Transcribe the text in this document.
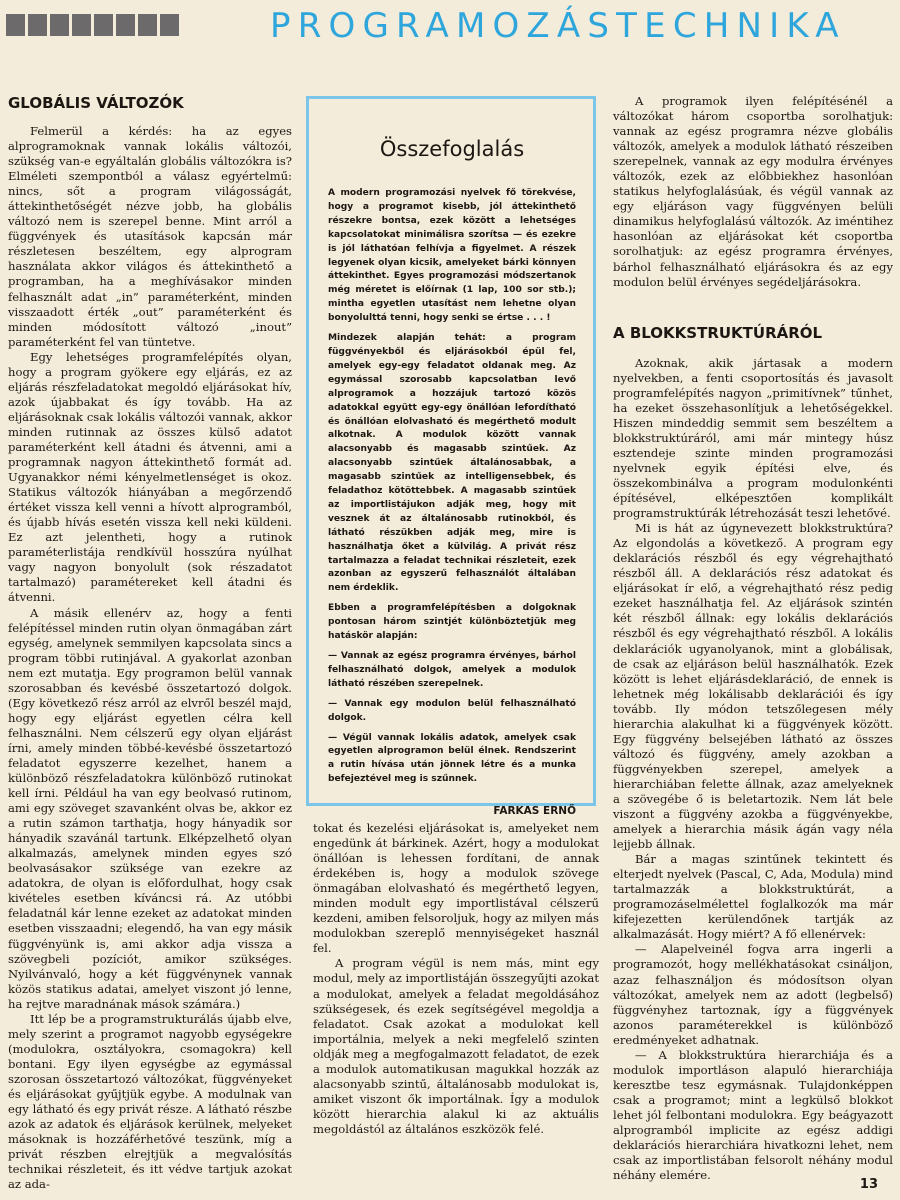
PROGRAMOZÁSTECHNIKA
GLOBÁLIS VÁLTOZÓK

Felmerül a kérdés: ha az egyes alprogramoknak vannak lokális változói, szükség van-e egyáltalán globális változókra is? Elméleti szempontból a válasz egyértelmű: nincs, sőt a program világosságát, áttekinthetőségét nézve jobb, ha globális változó nem is szerepel benne. Mint arról a függvények és utasítások kapcsán már részletesen beszéltem, egy alprogram használata akkor világos és áttekinthető a programban, ha a meghívásakor minden felhasznált adat „in” paraméterként, minden visszaadott érték „out” paraméterként és minden módosított változó „inout” paraméterként fel van tüntetve.

Egy lehetséges programfelépítés olyan, hogy a program gyökere egy eljárás, ez az eljárás részfeladatokat megoldó eljárásokat hív, azok újabbakat és így tovább. Ha az eljárásoknak csak lokális változói vannak, akkor minden rutinnak az összes külső adatot paraméterként kell átadni és átvenni, ami a programnak nagyon áttekinthető formát ad. Ugyanakkor némi kényelmetlenséget is okoz. Statikus változók hiányában a megőrzendő értéket vissza kell venni a hívott alprogramból, és újabb hívás esetén vissza kell neki küldeni. Ez azt jelentheti, hogy a rutinok paraméterlistája rendkívül hosszúra nyúlhat vagy nagyon bonyolult (sok részadatot tartalmazó) paramétereket kell átadni és átvenni.

A másik ellenérv az, hogy a fenti felépítéssel minden rutin olyan önmagában zárt egység, amelynek semmilyen kapcsolata sincs a program többi rutinjával. A gyakorlat azonban nem ezt mutatja. Egy programon belül vannak szorosabban és kevésbé összetartozó dolgok. (Egy következő rész arról az elvről beszél majd, hogy egy eljárást egyetlen célra kell felhasználni. Nem célszerű egy olyan eljárást írni, amely minden többé-kevésbé összetartozó feladatot egyszerre kezelhet, hanem a különböző részfeladatokra különböző rutinokat kell írni. Például ha van egy beolvasó rutinom, ami egy szöveget szavanként olvas be, akkor ez a rutin számon tarthatja, hogy hányadik sor hányadik szavánál tartunk. Elképzelhető olyan alkalmazás, amelynek minden egyes szó beolvasásakor szüksége van ezekre az adatokra, de olyan is előfordulhat, hogy csak kivételes esetben kíváncsi rá. Az utóbbi feladatnál kár lenne ezeket az adatokat minden esetben visszaadni; elegendő, ha van egy másik függvényünk is, ami akkor adja vissza a szövegbeli pozíciót, amikor szükséges. Nyilvánvaló, hogy a két függvénynek vannak közös statikus adatai, amelyet viszont jó lenne, ha rejtve maradnának mások számára.)

Itt lép be a programstrukturálás újabb elve, mely szerint a programot nagyobb egységekre (modulokra, osztályokra, csomagokra) kell bontani. Egy ilyen egységbe az egymással szorosan összetartozó változókat, függvényeket és eljárásokat gyűjtjük egybe. A modulnak van egy látható és egy privát része. A látható részbe azok az adatok és eljárások kerülnek, melyeket másoknak is hozzáférhetővé teszünk, míg a privát részben elrejtjük a megvalósítás technikai részleteit, és itt védve tartjuk azokat az ada-

Összefoglalás

A modern programozási nyelvek fő törekvése, hogy a programot kisebb, jól áttekinthető részekre bontsa, ezek között a lehetséges kapcsolatokat minimálisra szorítsa — és ezekre is jól láthatóan felhívja a figyelmet. A részek legyenek olyan kicsik, amelyeket bárki könnyen áttekinthet. Egyes programozási módszertanok még méretet is előírnak (1 lap, 100 sor stb.); mintha egyetlen utasítást nem lehetne olyan bonyolulttá tenni, hogy senki se értse . . . !

Mindezek alapján tehát: a program függvényekből és eljárásokból épül fel, amelyek egy-egy feladatot oldanak meg. Az egymással szorosabb kapcsolatban levő alprogramok a hozzájuk tartozó közös adatokkal együtt egy-egy önállóan lefordítható és önállóan elolvasható és megérthető modult alkotnak. A modulok között vannak alacsonyabb és magasabb szintűek. Az alacsonyabb szintűek általánosabbak, a magasabb szintűek az intelligensebbek, és feladathoz kötöttebbek. A magasabb szintűek az importlistájukon adják meg, hogy mit vesznek át az általánosabb rutinokból, és látható részükben adják meg, mire is használhatja őket a külvilág. A privát rész tartalmazza a feladat technikai részleteit, ezek azonban az egyszerű felhasználót általában nem érdeklik.

Ebben a programfelépítésben a dolgoknak pontosan három szintjét különböztetjük meg hatáskör alapján:

— Vannak az egész programra érvényes, bárhol felhasználható dolgok, amelyek a modulok látható részében szerepelnek.

— Vannak egy modulon belül felhasználható dolgok.

— Végül vannak lokális adatok, amelyek csak egyetlen alprogramon belül élnek. Rendszerint a rutin hívása után jönnek létre és a munka befejeztével meg is szűnnek.

FARKAS ERNŐ

tokat és kezelési eljárásokat is, amelyeket nem engedünk át bárkinek. Azért, hogy a modulokat önállóan is lehessen fordítani, de annak érdekében is, hogy a modulok szövege önmagában elolvasható és megérthető legyen, minden modult egy importlistával célszerű kezdeni, amiben felsoroljuk, hogy az milyen más modulokban szereplő mennyiségeket használ fel.

A program végül is nem más, mint egy modul, mely az importlistáján összegyűjti azokat a modulokat, amelyek a feladat megoldásához szükségesek, és ezek segítségével megoldja a feladatot. Csak azokat a modulokat kell importálnia, melyek a neki megfelelő szinten oldják meg a megfogalmazott feladatot, de ezek a modulok automatikusan magukkal hozzák az alacsonyabb szintű, általánosabb modulokat is, amiket viszont ők importálnak. Így a modulok között hierarchia alakul ki az aktuális megoldástól az általános eszközök felé.

A programok ilyen felépítésénél a változókat három csoportba sorolhatjuk: vannak az egész programra nézve globális változók, amelyek a modulok látható részeiben szerepelnek, vannak az egy modulra érvényes változók, ezek az előbbiekhez hasonlóan statikus helyfoglalásúak, és végül vannak az egy eljáráson vagy függvényen belüli dinamikus helyfoglalású változók. Az iméntihez hasonlóan az eljárásokat két csoportba sorolhatjuk: az egész programra érvényes, bárhol felhasználható eljárásokra és az egy modulon belül érvényes segédeljárásokra.

A BLOKKSTRUKTÚRÁRÓL

Azoknak, akik jártasak a modern nyelvekben, a fenti csoportosítás és javasolt programfelépítés nagyon „primitívnek” tűnhet, ha ezeket összehasonlítjuk a lehetőségekkel. Hiszen mindeddig semmit sem beszéltem a blokkstruktúráról, ami már mintegy húsz esztendeje szinte minden programozási nyelvnek egyik építési elve, és összekombinálva a program modulonkénti építésével, elképesztően komplikált programstruktúrák létrehozását teszi lehetővé.

Mi is hát az úgynevezett blokkstruktúra? Az elgondolás a következő. A program egy deklarációs részből és egy végrehajtható részből áll. A deklarációs rész adatokat és eljárásokat ír elő, a végrehajtható rész pedig ezeket használhatja fel. Az eljárások szintén két részből állnak: egy lokális deklarációs részből és egy végrehajtható részből. A lokális deklarációk ugyanolyanok, mint a globálisak, de csak az eljáráson belül használhatók. Ezek között is lehet eljárásdeklaráció, de ennek is lehetnek még lokálisabb deklarációi és így tovább. Ily módon tetszőlegesen mély hierarchia alakulhat ki a függvények között. Egy függvény belsejében látható az összes változó és függvény, amely azokban a függvényekben szerepel, amelyek a hierarchiában felette állnak, azaz amelyeknek a szövegébe ő is beletartozik. Nem lát bele viszont a függvény azokba a függvényekbe, amelyek a hierarchia másik ágán vagy néla lejjebb állnak.

Bár a magas szintűnek tekintett és elterjedt nyelvek (Pascal, C, Ada, Modula) mind tartalmazzák a blokkstruktúrát, a programozáselmélettel foglalkozók ma már kifejezetten kerülendőnek tartják az alkalmazását. Hogy miért? A fő ellenérvek:

— Alapelveinél fogva arra ingerli a programozót, hogy mellékhatásokat csináljon, azaz felhasználjon és módosítson olyan változókat, amelyek nem az adott (legbelső) függvényhez tartoznak, így a függvények azonos paraméterekkel is különböző eredményeket adhatnak.

— A blokkstruktúra hierarchiája és a modulok importláson alapuló hierarchiája keresztbe tesz egymásnak. Tulajdonképpen csak a programot; mint a legkülső blokkot lehet jól felbontani modulokra. Egy beágyazott alprogramból implicite az egész addigi deklarációs hierarchiára hivatkozni lehet, nem csak az importlistában felsorolt néhány modul néhány elemére.

13
